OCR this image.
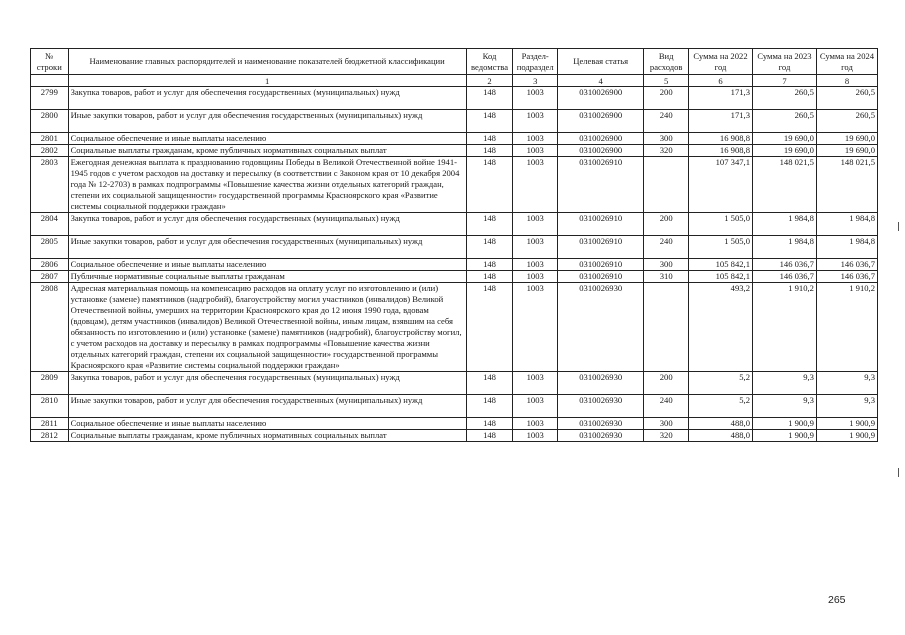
№ строки	Наименование главных распорядителей и наименование показателей бюджетной классификации	Код ведомства	Раздел-подраздел	Целевая статья	Вид расходов	Сумма на 2022 год	Сумма на 2023 год	Сумма на 2024 год
	1	2	3	4	5	6	7	8
2799	Закупка товаров, работ и услуг для обеспечения государственных (муниципальных) нужд	148	1003	0310026900	200	171,3	260,5	260,5
2800	Иные закупки товаров, работ и услуг для обеспечения государственных (муниципальных) нужд	148	1003	0310026900	240	171,3	260,5	260,5
2801	Социальное обеспечение и иные выплаты населению	148	1003	0310026900	300	16 908,8	19 690,0	19 690,0
2802	Социальные выплаты гражданам, кроме публичных нормативных социальных выплат	148	1003	0310026900	320	16 908,8	19 690,0	19 690,0
2803	Ежегодная денежная выплата к празднованию годовщины Победы в Великой Отечественной войне 1941-1945 годов с учетом расходов на доставку и пересылку (в соответствии с Законом края от 10 декабря 2004 года № 12-2703) в рамках подпрограммы «Повышение качества жизни отдельных категорий граждан, степени их социальной защищенности» государственной программы Красноярского края «Развитие системы социальной поддержки граждан»	148	1003	0310026910		107 347,1	148 021,5	148 021,5
2804	Закупка товаров, работ и услуг для обеспечения государственных (муниципальных) нужд	148	1003	0310026910	200	1 505,0	1 984,8	1 984,8
2805	Иные закупки товаров, работ и услуг для обеспечения государственных (муниципальных) нужд	148	1003	0310026910	240	1 505,0	1 984,8	1 984,8
2806	Социальное обеспечение и иные выплаты населению	148	1003	0310026910	300	105 842,1	146 036,7	146 036,7
2807	Публичные нормативные социальные выплаты гражданам	148	1003	0310026910	310	105 842,1	146 036,7	146 036,7
2808	Адресная материальная помощь на компенсацию расходов на оплату услуг по изготовлению и (или) установке (замене) памятников (надгробий), благоустройству могил участников (инвалидов) Великой Отечественной войны, умерших на территории Красноярского края до 12 июня 1990 года, вдовам (вдовцам), детям участников (инвалидов) Великой Отечественной войны, иным лицам, взявшим на себя обязанность по изготовлению и (или) установке (замене) памятников (надгробий), благоустройству могил, с учетом расходов на доставку и пересылку в рамках подпрограммы «Повышение качества жизни отдельных категорий граждан, степени их социальной защищенности» государственной программы Красноярского края «Развитие системы социальной поддержки граждан»	148	1003	0310026930		493,2	1 910,2	1 910,2
2809	Закупка товаров, работ и услуг для обеспечения государственных (муниципальных) нужд	148	1003	0310026930	200	5,2	9,3	9,3
2810	Иные закупки товаров, работ и услуг для обеспечения государственных (муниципальных) нужд	148	1003	0310026930	240	5,2	9,3	9,3
2811	Социальное обеспечение и иные выплаты населению	148	1003	0310026930	300	488,0	1 900,9	1 900,9
2812	Социальные выплаты гражданам, кроме публичных нормативных социальных выплат	148	1003	0310026930	320	488,0	1 900,9	1 900,9
265
